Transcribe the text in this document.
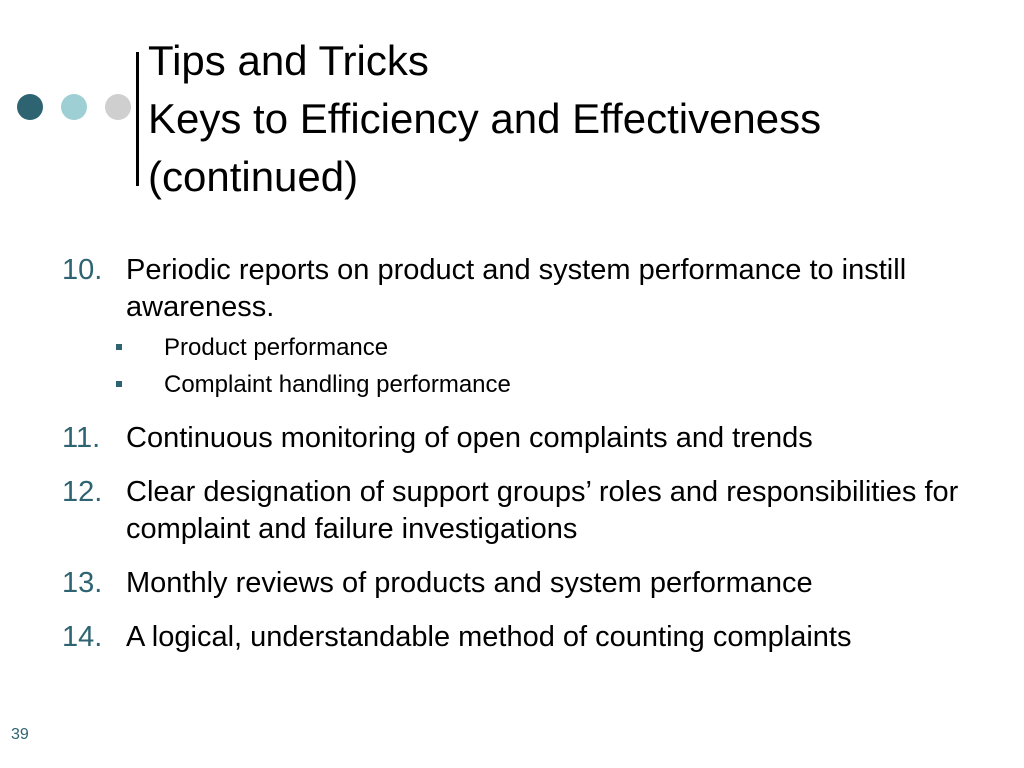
Tips and Tricks
Keys to Efficiency and Effectiveness
(continued)
10. Periodic reports on product and system performance to instill awareness.
Product performance
Complaint handling performance
11. Continuous monitoring of open complaints and trends
12. Clear designation of support groups’ roles and responsibilities for complaint and failure investigations
13. Monthly reviews of products and system performance
14. A logical, understandable method of counting complaints
39
